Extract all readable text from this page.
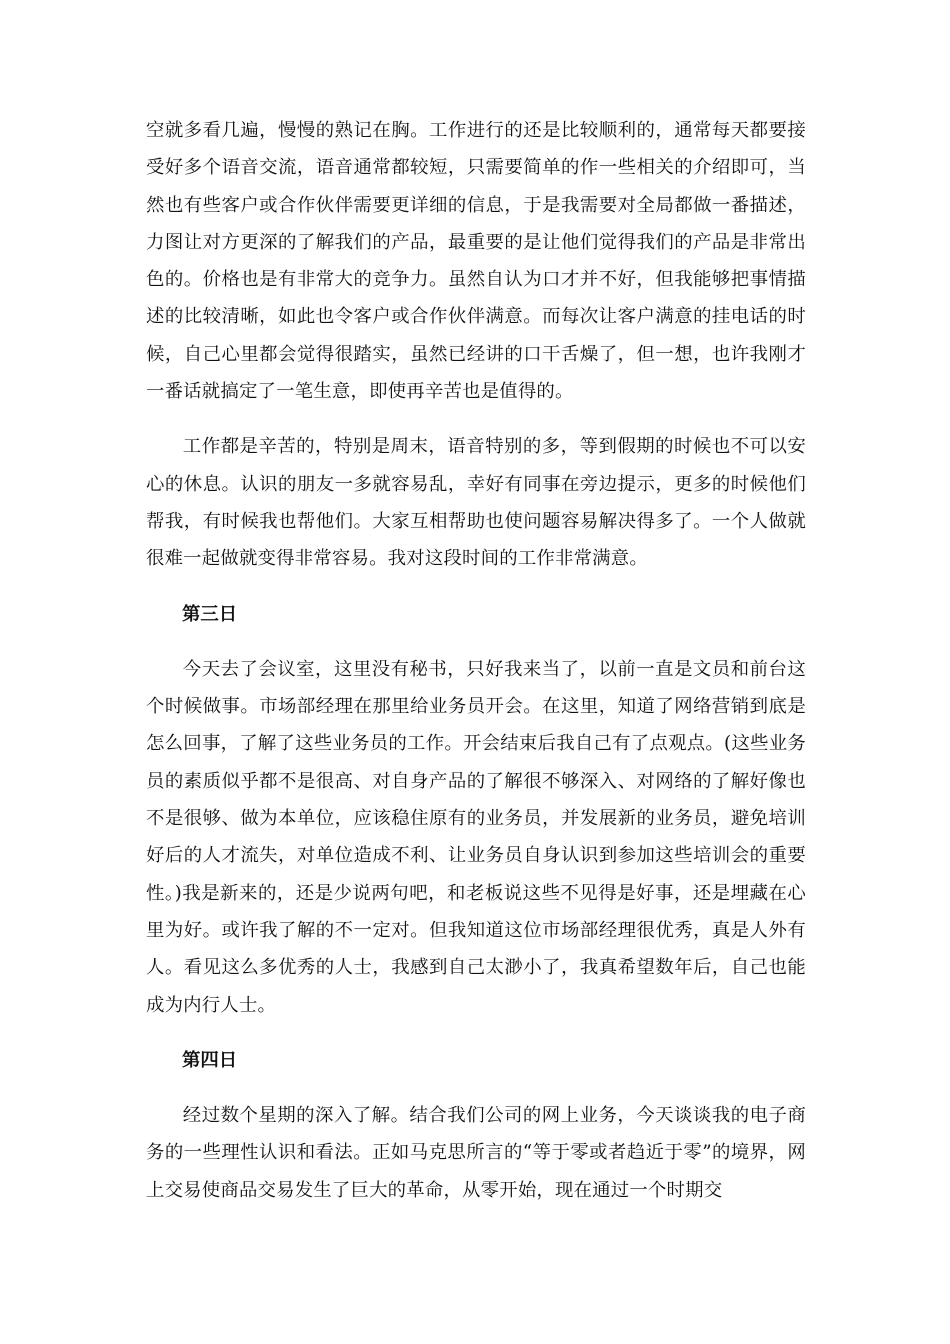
空就多看几遍，慢慢的熟记在胸。工作进行的还是比较顺利的，通常每天都要接受好多个语音交流，语音通常都较短，只需要简单的作一些相关的介绍即可，当然也有些客户或合作伙伴需要更详细的信息，于是我需要对全局都做一番描述，力图让对方更深的了解我们的产品，最重要的是让他们觉得我们的产品是非常出色的。价格也是有非常大的竞争力。虽然自认为口才并不好，但我能够把事情描述的比较清晰，如此也令客户或合作伙伴满意。而每次让客户满意的挂电话的时候，自己心里都会觉得很踏实，虽然已经讲的口干舌燥了，但一想，也许我刚才一番话就搞定了一笔生意，即使再辛苦也是值得的。

工作都是辛苦的，特别是周末，语音特别的多，等到假期的时候也不可以安心的休息。认识的朋友一多就容易乱，幸好有同事在旁边提示，更多的时候他们帮我，有时候我也帮他们。大家互相帮助也使问题容易解决得多了。一个人做就很难一起做就变得非常容易。我对这段时间的工作非常满意。

第三日

今天去了会议室，这里没有秘书，只好我来当了，以前一直是文员和前台这个时候做事。市场部经理在那里给业务员开会。在这里，知道了网络营销到底是怎么回事，了解了这些业务员的工作。开会结束后我自己有了点观点。(这些业务员的素质似乎都不是很高、对自身产品的了解很不够深入、对网络的了解好像也不是很够、做为本单位，应该稳住原有的业务员，并发展新的业务员，避免培训好后的人才流失，对单位造成不利、让业务员自身认识到参加这些培训会的重要性。)我是新来的，还是少说两句吧，和老板说这些不见得是好事，还是埋藏在心里为好。或许我了解的不一定对。但我知道这位市场部经理很优秀，真是人外有人。看见这么多优秀的人士，我感到自己太渺小了，我真希望数年后，自己也能成为内行人士。

第四日

经过数个星期的深入了解。结合我们公司的网上业务，今天谈谈我的电子商务的一些理性认识和看法。正如马克思所言的“等于零或者趋近于零”的境界，网上交易使商品交易发生了巨大的革命，从零开始，现在通过一个时期交
